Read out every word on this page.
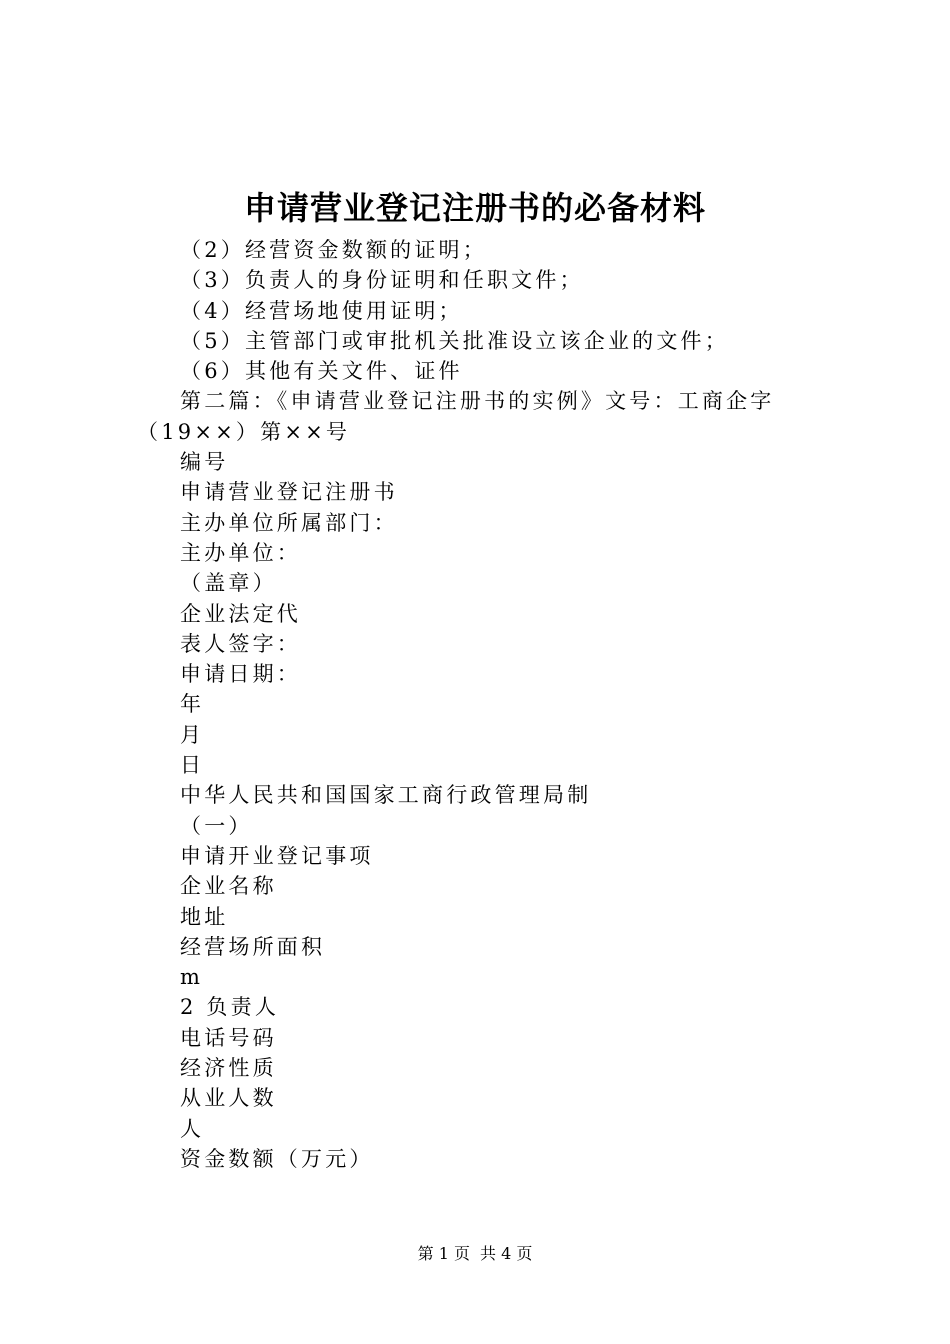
申请营业登记注册书的必备材料
（2）经营资金数额的证明；
（3）负责人的身份证明和任职文件；
（4）经营场地使用证明；
（5）主管部门或审批机关批准设立该企业的文件；
（6）其他有关文件、证件
第二篇：《申请营业登记注册书的实例》文号：工商企字
（19××）第××号
编号
申请营业登记注册书
主办单位所属部门：
主办单位：
（盖章）
企业法定代
表人签字：
申请日期：
年
月
日
中华人民共和国国家工商行政管理局制
（一）
申请开业登记事项
企业名称
地址
经营场所面积
m
2 负责人
电话号码
经济性质
从业人数
人
资金数额（万元）
第 1 页 共 4 页
